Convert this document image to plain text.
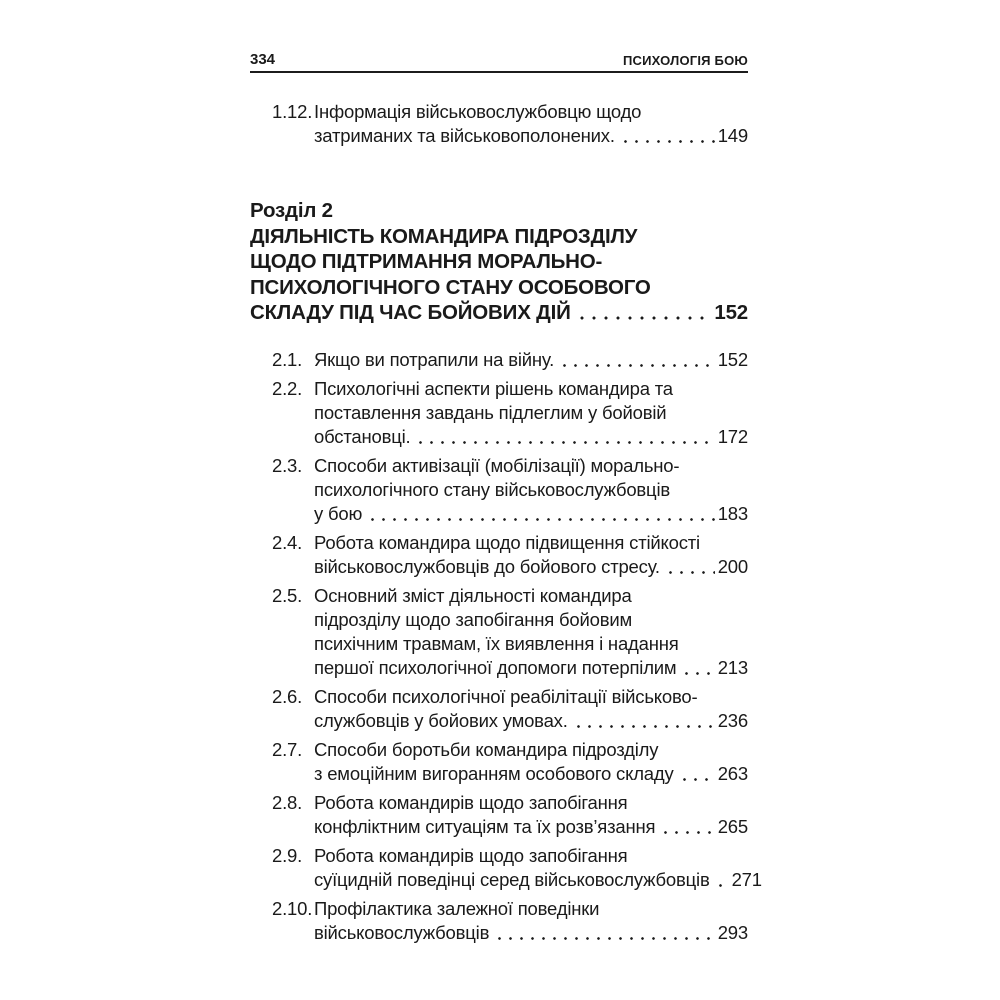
334	ПСИХОЛОГІЯ БОЮ
1.12. Інформація військовослужбовцю щодо
затриманих та військовополонених.	149
Розділ 2
ДІЯЛЬНІСТЬ КОМАНДИРА ПІДРОЗДІЛУ
ЩОДО ПІДТРИМАННЯ МОРАЛЬНО-
ПСИХОЛОГІЧНОГО СТАНУ ОСОБОВОГО
СКЛАДУ ПІД ЧАС БОЙОВИХ ДІЙ	152
2.1. Якщо ви потрапили на війну.	152
2.2. Психологічні аспекти рішень командира та
поставлення завдань підлеглим у бойовій
обстановці.	172
2.3. Способи активізації (мобілізації) морально-
психологічного стану військовослужбовців
у бою	183
2.4. Робота командира щодо підвищення стійкості
військовослужбовців до бойового стресу.	200
2.5. Основний зміст діяльності командира
підрозділу щодо запобігання бойовим
психічним травмам, їх виявлення і надання
першої психологічної допомоги потерпілим 213
2.6. Способи психологічної реабілітації військово-
службовців у бойових умовах.	236
2.7. Способи боротьби командира підрозділу
з емоційним вигоранням особового складу 263
2.8. Робота командирів щодо запобігання
конфліктним ситуаціям та їх розв’язання	265
2.9. Робота командирів щодо запобігання
суїцидній поведінці серед військовослужбовців 271
2.10. Профілактика залежної поведінки
військовослужбовців	293
